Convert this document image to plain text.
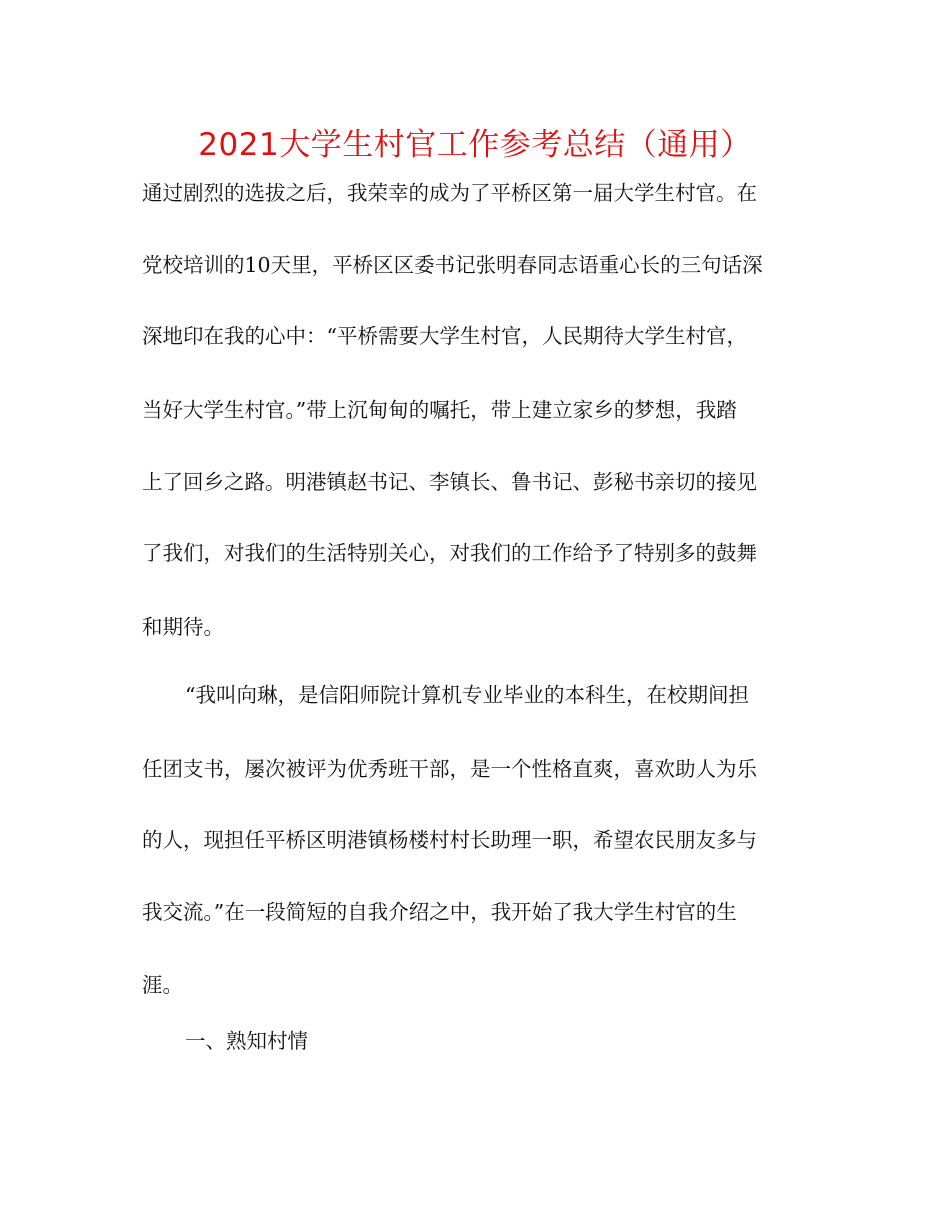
2021大学生村官工作参考总结（通用）
通过剧烈的选拔之后，我荣幸的成为了平桥区第一届大学生村官。在
党校培训的10天里，平桥区区委书记张明春同志语重心长的三句话深
深地印在我的心中：“平桥需要大学生村官，人民期待大学生村官，
当好大学生村官。”带上沉甸甸的嘱托，带上建立家乡的梦想，我踏
上了回乡之路。明港镇赵书记、李镇长、鲁书记、彭秘书亲切的接见
了我们，对我们的生活特别关心，对我们的工作给予了特别多的鼓舞
和期待。
“我叫向琳，是信阳师院计算机专业毕业的本科生，在校期间担
任团支书，屡次被评为优秀班干部，是一个性格直爽，喜欢助人为乐
的人，现担任平桥区明港镇杨楼村村长助理一职，希望农民朋友多与
我交流。”在一段简短的自我介绍之中，我开始了我大学生村官的生
涯。
一、熟知村情
